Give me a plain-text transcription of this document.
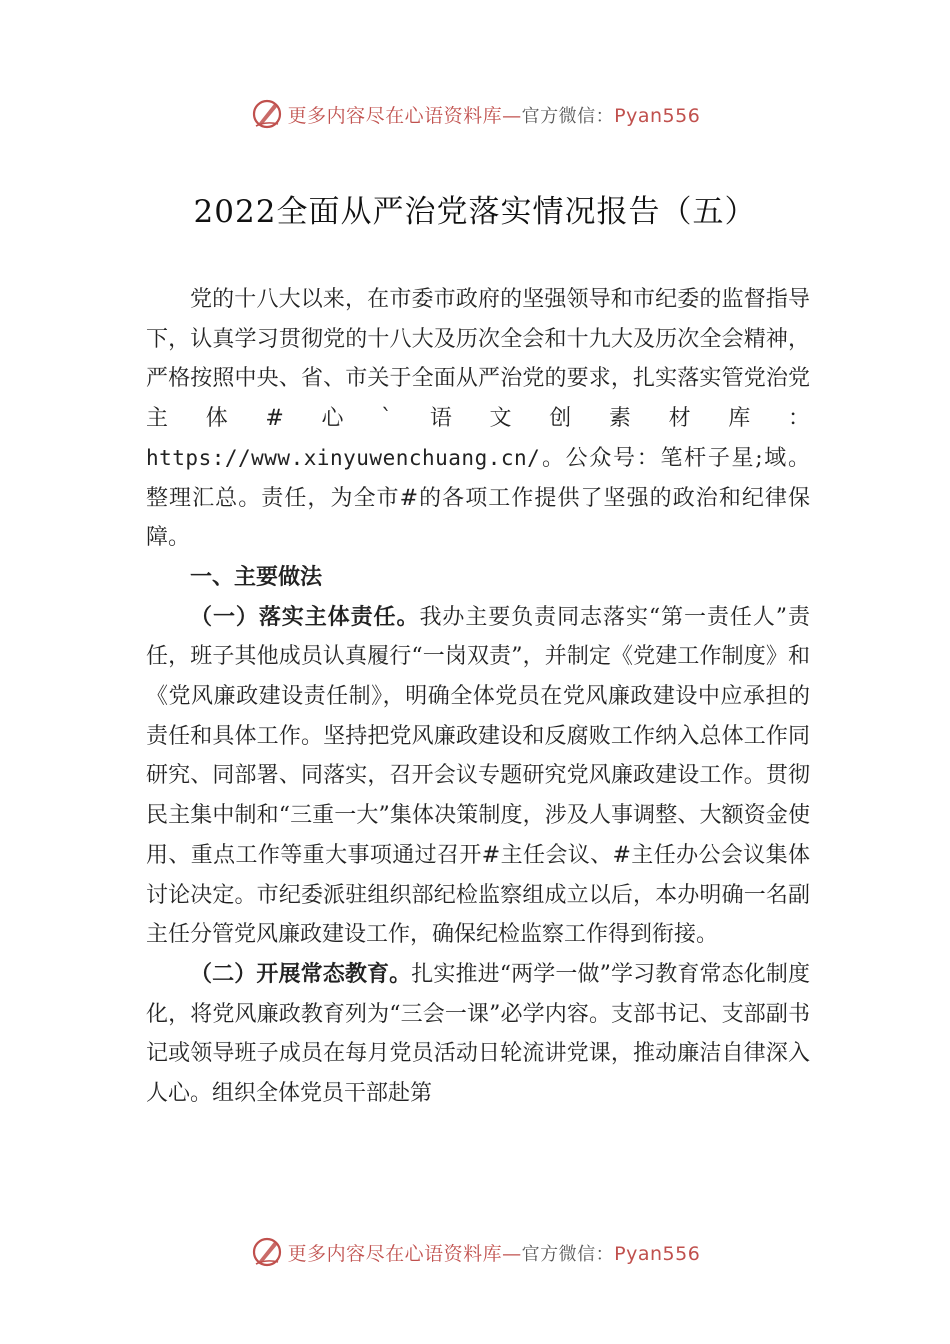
更多内容尽在心语资料库—官方微信：Pyan556
2022全面从严治党落实情况报告（五）

党的十八大以来，在市委市政府的坚强领导和市纪委的监督指导下，认真学习贯彻党的十八大及历次全会和十九大及历次全会精神，严格按照中央、省、市关于全面从严治党的要求，扎实落实管党治党主体#心`语文创素材库：https://www.xinyuwenchuang.cn/。公众号：笔杆子星;域。整理汇总。责任，为全市#的各项工作提供了坚强的政治和纪律保障。

一、主要做法

（一）落实主体责任。我办主要负责同志落实“第一责任人”责任，班子其他成员认真履行“一岗双责”，并制定《党建工作制度》和《党风廉政建设责任制》，明确全体党员在党风廉政建设中应承担的责任和具体工作。坚持把党风廉政建设和反腐败工作纳入总体工作同研究、同部署、同落实，召开会议专题研究党风廉政建设工作。贯彻民主集中制和“三重一大”集体决策制度，涉及人事调整、大额资金使用、重点工作等重大事项通过召开#主任会议、#主任办公会议集体讨论决定。市纪委派驻组织部纪检监察组成立以后，本办明确一名副主任分管党风廉政建设工作，确保纪检监察工作得到衔接。

（二）开展常态教育。扎实推进“两学一做”学习教育常态化制度化，将党风廉政教育列为“三会一课”必学内容。支部书记、支部副书记或领导班子成员在每月党员活动日轮流讲党课，推动廉洁自律深入人心。组织全体党员干部赴第

更多内容尽在心语资料库—官方微信：Pyan556
